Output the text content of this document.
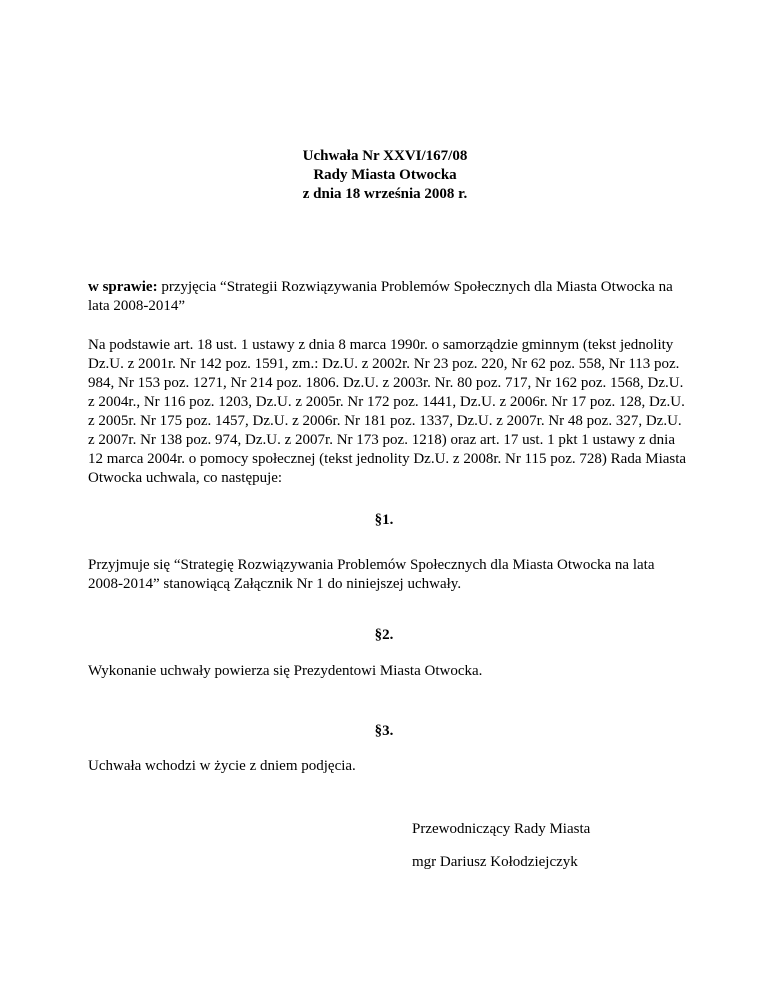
Uchwała Nr XXVI/167/08
Rady Miasta Otwocka
z dnia 18 września 2008 r.
w sprawie: przyjęcia “Strategii Rozwiązywania Problemów Społecznych dla Miasta Otwocka na lata 2008-2014”
Na podstawie art. 18 ust. 1 ustawy z dnia 8 marca 1990r. o samorządzie gminnym (tekst jednolity Dz.U. z 2001r. Nr 142 poz. 1591, zm.: Dz.U. z 2002r. Nr 23 poz. 220, Nr 62 poz. 558, Nr 113 poz. 984, Nr 153 poz. 1271, Nr 214 poz. 1806. Dz.U. z 2003r. Nr. 80 poz. 717, Nr 162 poz. 1568, Dz.U. z 2004r., Nr 116 poz. 1203, Dz.U. z 2005r. Nr 172 poz. 1441, Dz.U. z 2006r. Nr 17 poz. 128, Dz.U. z 2005r. Nr 175 poz. 1457, Dz.U. z 2006r. Nr 181 poz. 1337, Dz.U. z 2007r. Nr 48 poz. 327, Dz.U. z 2007r. Nr 138 poz. 974, Dz.U. z 2007r. Nr 173 poz. 1218) oraz art. 17 ust. 1 pkt 1 ustawy z dnia 12 marca 2004r. o pomocy społecznej (tekst jednolity Dz.U. z 2008r. Nr 115 poz. 728) Rada Miasta Otwocka uchwala, co następuje:
§1.
Przyjmuje się “Strategię Rozwiązywania Problemów Społecznych dla Miasta Otwocka na lata 2008-2014” stanowiącą Załącznik Nr 1 do niniejszej uchwały.
§2.
Wykonanie uchwały powierza się Prezydentowi Miasta Otwocka.
§3.
Uchwała wchodzi w życie z dniem podjęcia.
Przewodniczący Rady Miasta
mgr Dariusz Kołodziejczyk
